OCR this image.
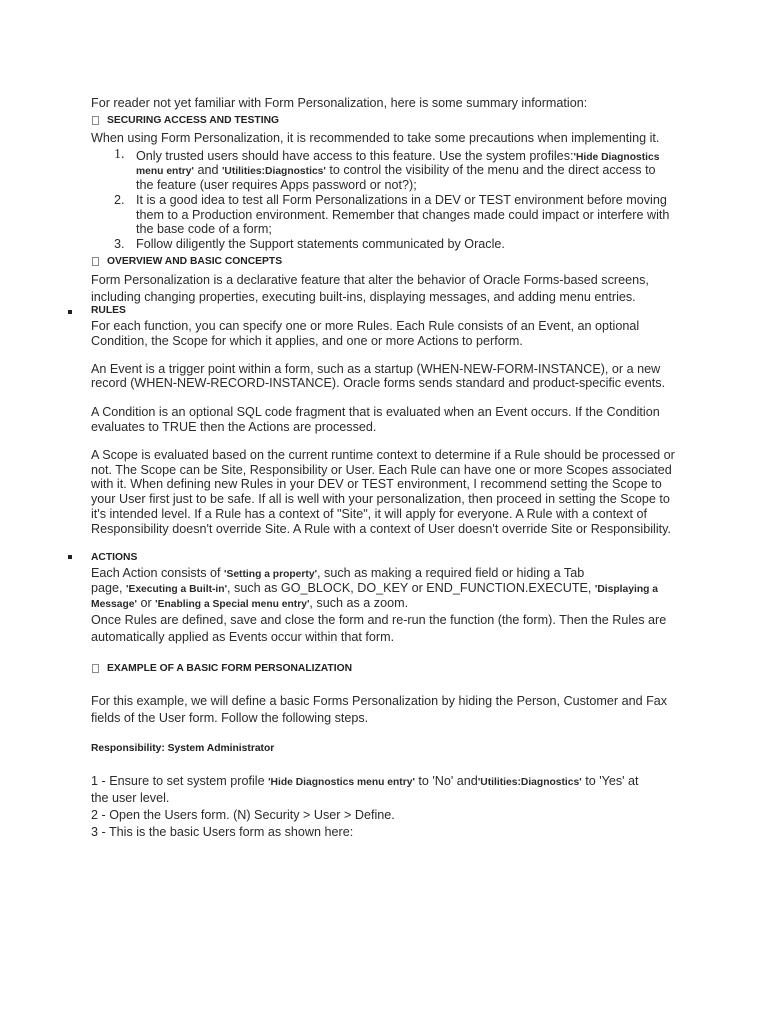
For reader not yet familiar with Form Personalization, here is some summary information:
SECURING ACCESS AND TESTING
When using Form Personalization, it is recommended to take some precautions when implementing it.
1. Only trusted users should have access to this feature. Use the system profiles:'Hide Diagnostics
menu entry' and 'Utilities:Diagnostics' to control the visibility of the menu and the direct access to
the feature (user requires Apps password or not?);
2. It is a good idea to test all Form Personalizations in a DEV or TEST environment before moving
them to a Production environment. Remember that changes made could impact or interfere with
the base code of a form;
3. Follow diligently the Support statements communicated by Oracle.
OVERVIEW AND BASIC CONCEPTS
Form Personalization is a declarative feature that alter the behavior of Oracle Forms-based screens,
including changing properties, executing built-ins, displaying messages, and adding menu entries.
RULES
For each function, you can specify one or more Rules. Each Rule consists of an Event, an optional
Condition, the Scope for which it applies, and one or more Actions to perform.
An Event is a trigger point within a form, such as a startup (WHEN-NEW-FORM-INSTANCE), or a new
record (WHEN-NEW-RECORD-INSTANCE). Oracle forms sends standard and product-specific events.
A Condition is an optional SQL code fragment that is evaluated when an Event occurs. If the Condition
evaluates to TRUE then the Actions are processed.
A Scope is evaluated based on the current runtime context to determine if a Rule should be processed or
not. The Scope can be Site, Responsibility or User. Each Rule can have one or more Scopes associated
with it. When defining new Rules in your DEV or TEST environment, I recommend setting the Scope to
your User first just to be safe. If all is well with your personalization, then proceed in setting the Scope to
it's intended level. If a Rule has a context of "Site", it will apply for everyone. A Rule with a context of
Responsibility doesn't override Site. A Rule with a context of User doesn't override Site or Responsibility.
ACTIONS
Each Action consists of 'Setting a property', such as making a required field or hiding a Tab
page, 'Executing a Built-in', such as GO_BLOCK, DO_KEY or END_FUNCTION.EXECUTE, 'Displaying a
Message' or 'Enabling a Special menu entry', such as a zoom.
Once Rules are defined, save and close the form and re-run the function (the form). Then the Rules are
automatically applied as Events occur within that form.
EXAMPLE OF A BASIC FORM PERSONALIZATION
For this example, we will define a basic Forms Personalization by hiding the Person, Customer and Fax
fields of the User form. Follow the following steps.
Responsibility: System Administrator
1 - Ensure to set system profile 'Hide Diagnostics menu entry' to 'No' and'Utilities:Diagnostics' to 'Yes' at
the user level.
2 - Open the Users form. (N) Security > User > Define.
3 - This is the basic Users form as shown here:
